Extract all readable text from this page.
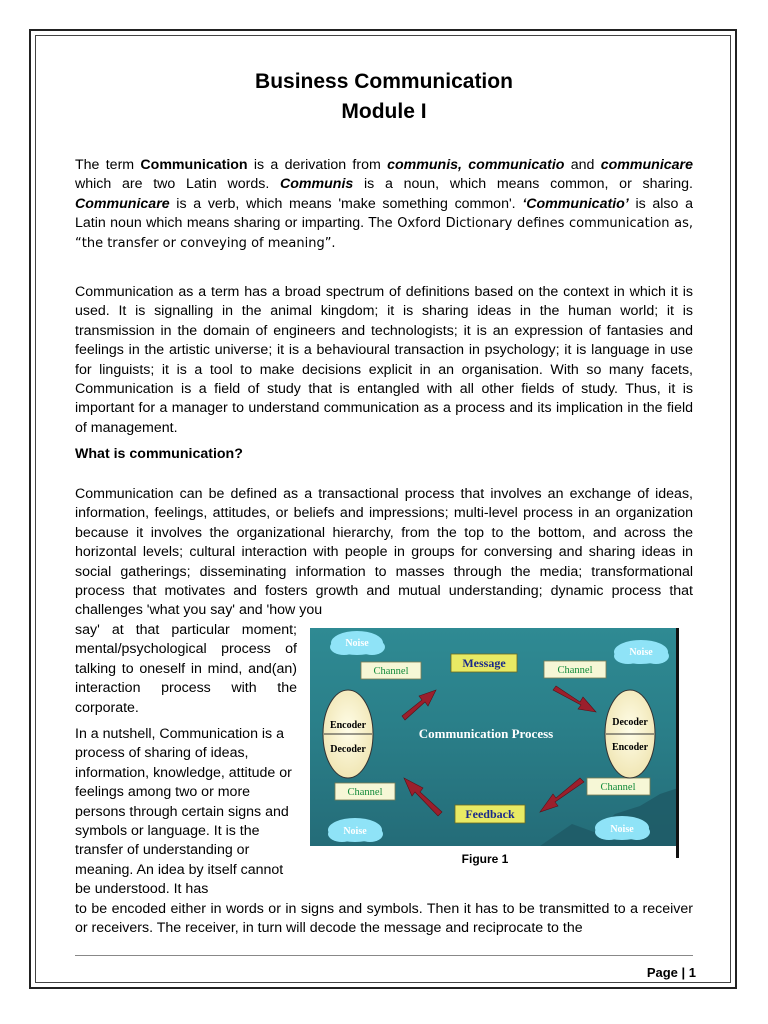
Business Communication
Module I

The term Communication is a derivation from communis, communicatio and communicare which are two Latin words. Communis is a noun, which means common, or sharing. Communicare is a verb, which means 'make something common'. ‘Communicatio’ is also a Latin noun which means sharing or imparting. The Oxford Dictionary defines communication as, “the transfer or conveying of meaning”.

Communication as a term has a broad spectrum of definitions based on the context in which it is used. It is signalling in the animal kingdom; it is sharing ideas in the human world; it is transmission in the domain of engineers and technologists; it is an expression of fantasies and feelings in the artistic universe; it is a behavioural transaction in psychology; it is language in use for linguists; it is a tool to make decisions explicit in an organisation. With so many facets, Communication is a field of study that is entangled with all other fields of study. Thus, it is important for a manager to understand communication as a process and its implication in the field of management.

What is communication?

Communication can be defined as a transactional process that involves an exchange of ideas, information, feelings, attitudes, or beliefs and impressions; multi-level process in an organization because it involves the organizational hierarchy, from the top to the bottom, and across the horizontal levels; cultural interaction with people in groups for conversing and sharing ideas in social gatherings; disseminating information to masses through the media; transformational process that motivates and fosters growth and mutual understanding; dynamic process that challenges 'what you say' and 'how you

say' at that particular moment; mental/psychological process of talking to oneself in mind, and(an) interaction process with the corporate.

In a nutshell, Communication is a process of sharing of ideas, information, knowledge, attitude or feelings among two or more persons through certain signs and symbols or language. It is the transfer of understanding or meaning. An idea by itself cannot be understood. It has

Noise
Noise
Noise	Noise
Channel	Channel
Channel	Channel
Message
Feedback
Encoder
Decoder
Decoder
Encoder
Communication Process
Figure 1

to be encoded either in words or in signs and symbols. Then it has to be transmitted to a receiver or receivers. The receiver, in turn will decode the message and reciprocate to the

Page | 1
